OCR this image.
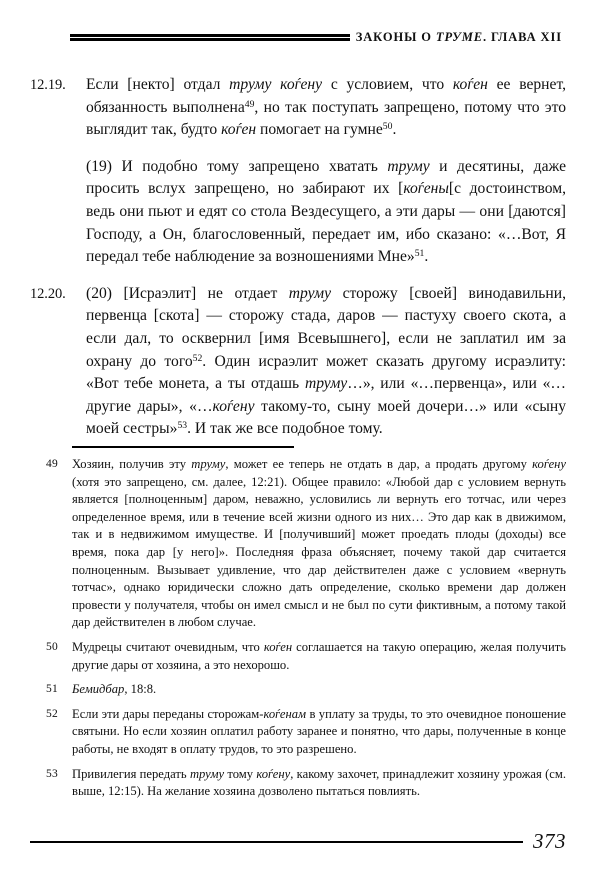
ЗАКОНЫ О ТРУМЕ. ГЛАВА XII
12.19.	Если [некто] отдал труму коѓену с условием, что коѓен ее вернет, обязанность выполнена$^{49}$, но так поступать запрещено, потому что это выглядит так, будто коѓен помогает на гумне$^{50}$.
(19) И подобно тому запрещено хватать труму и десятины, даже просить вслух запрещено, но забирают их [коѓены[с достоинством, ведь они пьют и едят со стола Вездесущего, а эти дары — они [даются] Господу, а Он, благословенный, передает им, ибо сказано: «…Вот, Я передал тебе наблюдение за возношениями Мне»$^{51}$.
12.20.	(20) [Исраэлит] не отдает труму сторожу [своей] винодавильни, первенца [скота] — сторожу стада, даров — пастуху своего скота, а если дал, то осквернил [имя Всевышнего], если не заплатил им за охрану до того$^{52}$. Один исраэлит может сказать другому исраэлиту: «Вот тебе монета, а ты отдашь труму…», или «…первенца», или «…другие дары», «…коѓену такому-то, сыну моей дочери…» или «сыну моей сестры»$^{53}$. И так же все подобное тому.
49	Хозяин, получив эту труму, может ее теперь не отдать в дар, а продать другому коѓену (хотя это запрещено, см. далее, 12:21). Общее правило: «Любой дар с условием вернуть является [полноценным] даром, неважно, условились ли вернуть его тотчас, или через определенное время, или в течение всей жизни одного из них… Это дар как в движимом, так и в недвижимом имуществе. И [получивший] может проедать плоды (доходы) все время, пока дар [у него]». Последняя фраза объясняет, почему такой дар считается полноценным. Вызывает удивление, что дар действителен даже с условием «вернуть тотчас», однако юридически сложно дать определение, сколько времени дар должен провести у получателя, чтобы он имел смысл и не был по сути фиктивным, а потому такой дар действителен в любом случае.
50	Мудрецы считают очевидным, что коѓен соглашается на такую операцию, желая получить другие дары от хозяина, а это нехорошо.
51	Бемидбар, 18:8.
52	Если эти дары переданы сторожам-коѓенам в уплату за труды, то это очевидное поношение святыни. Но если хозяин оплатил работу заранее и понятно, что дары, полученные в конце работы, не входят в оплату трудов, то это разрешено.
53	Привилегия передать труму тому коѓену, какому захочет, принадлежит хозяину урожая (см. выше, 12:15). На желание хозяина дозволено пытаться повлиять.
373
